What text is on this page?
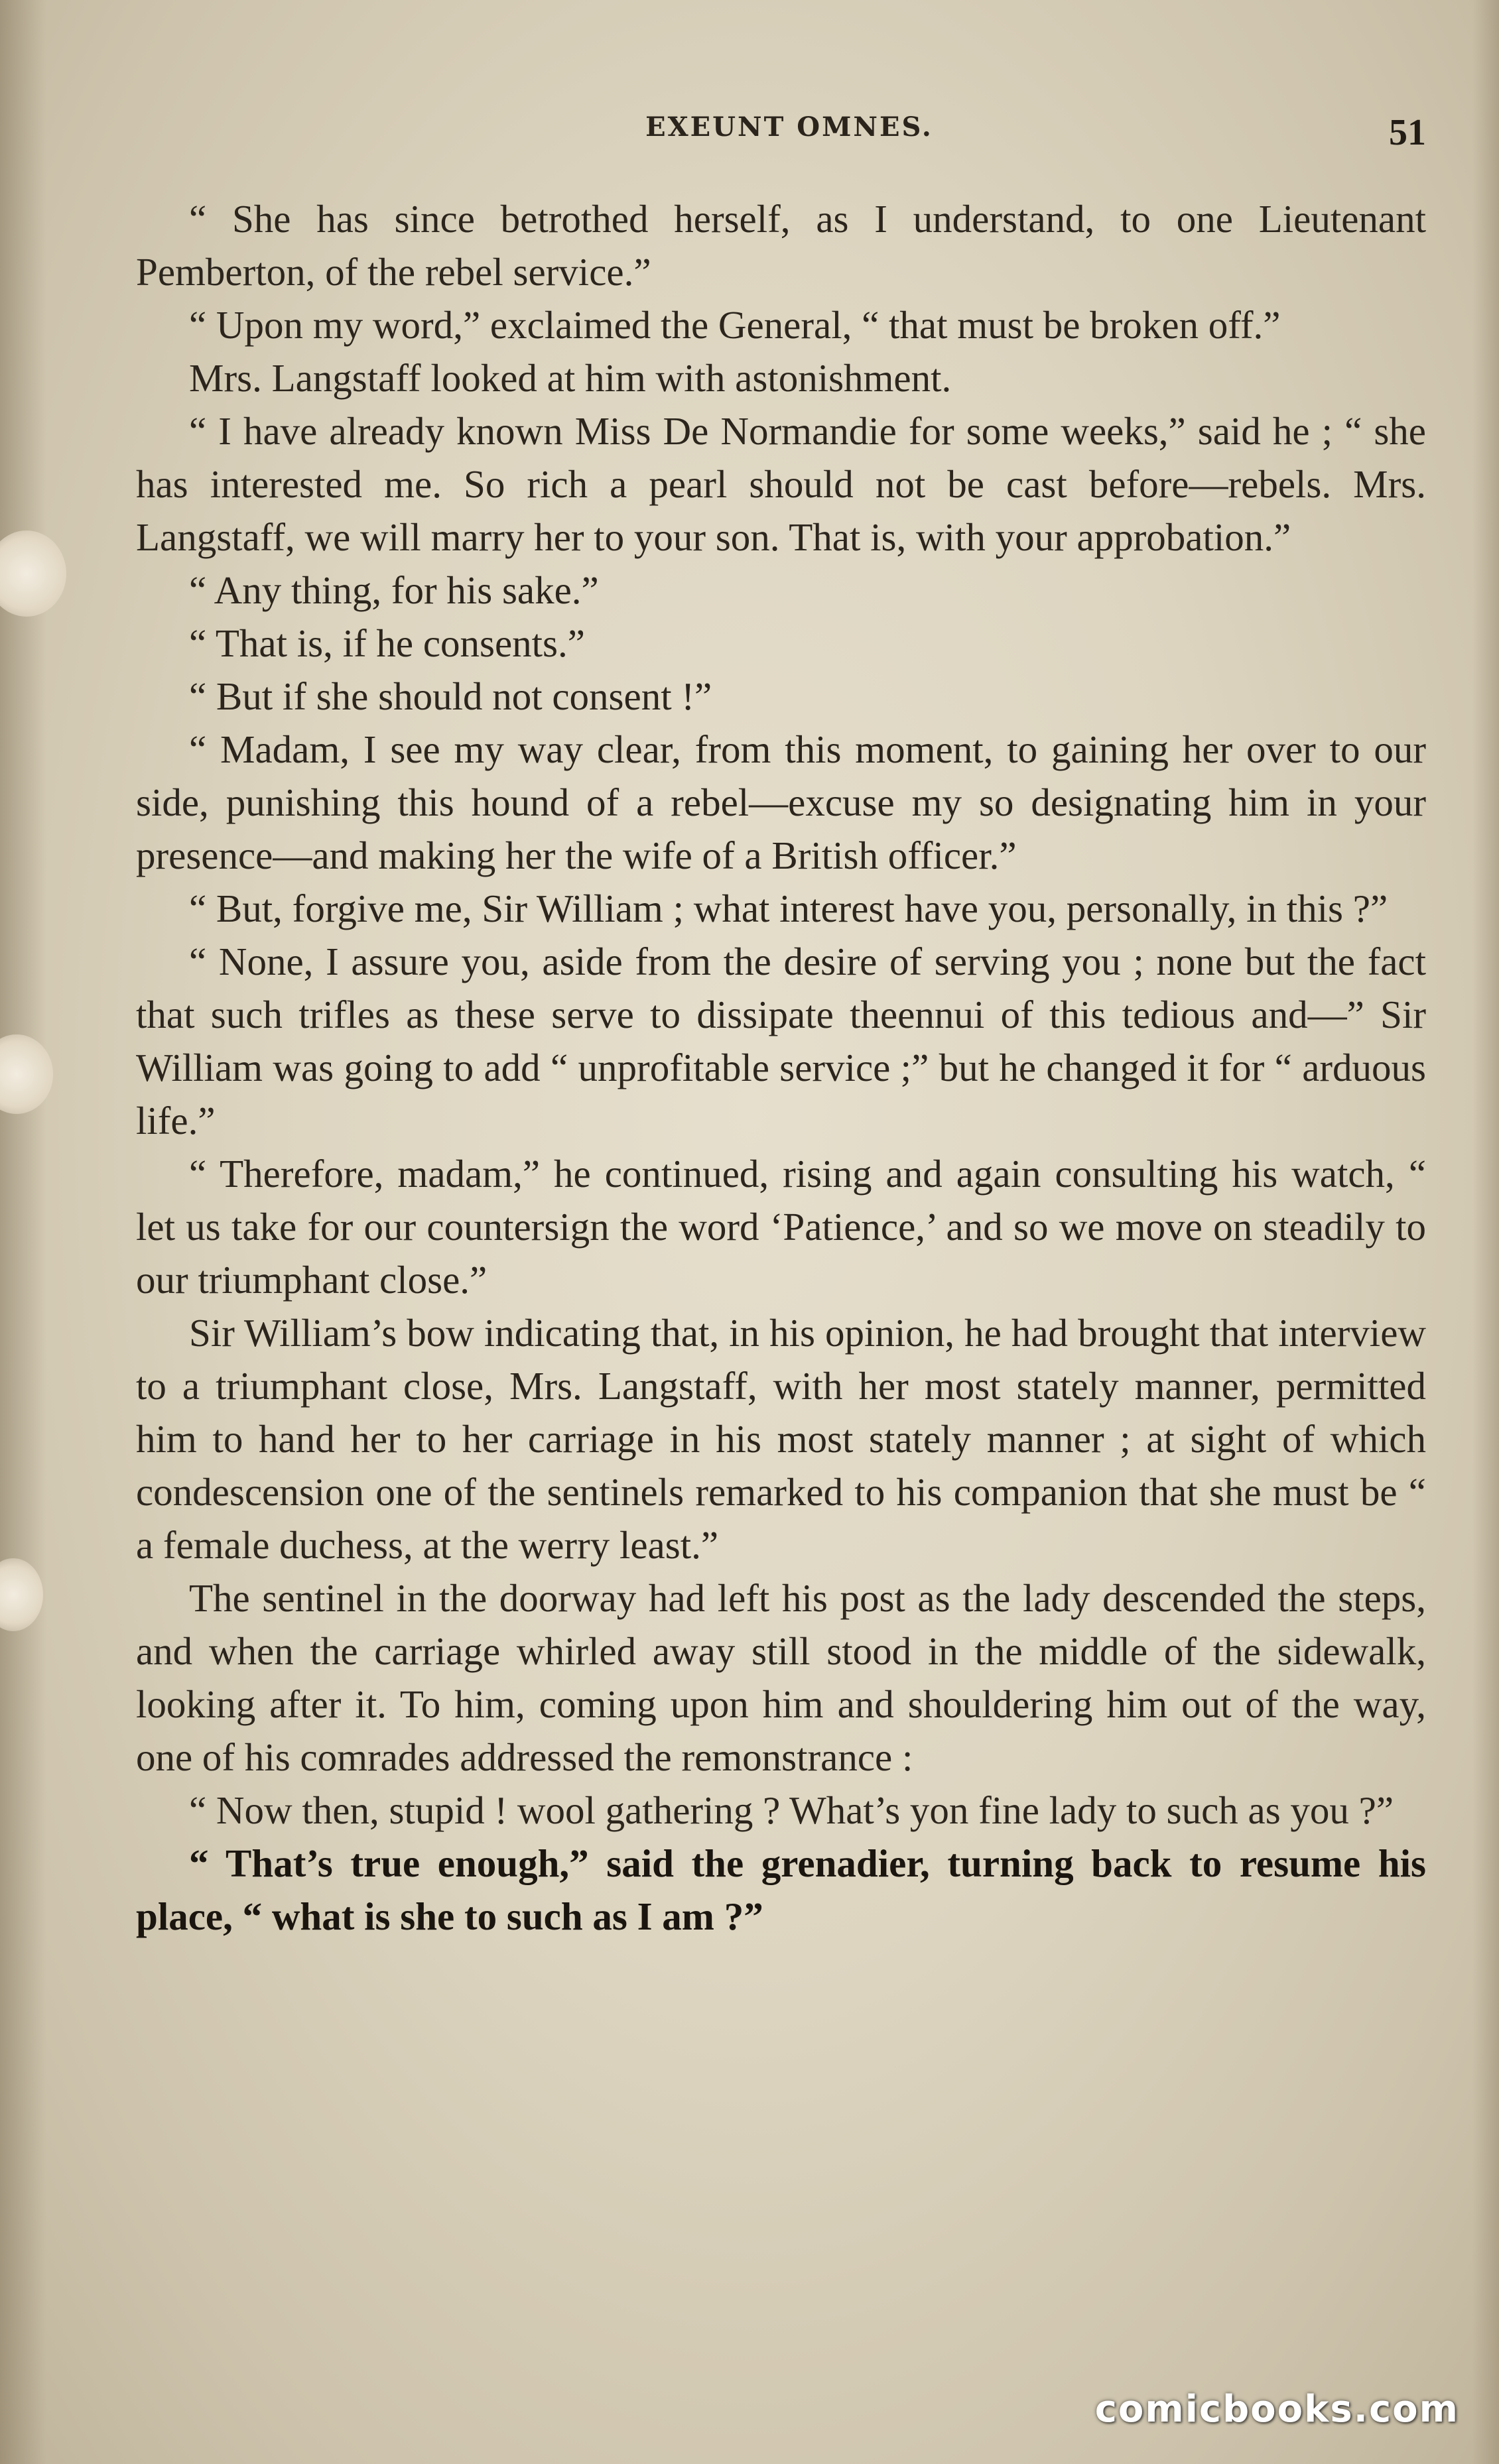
EXEUNT OMNES.	51

“ She has since betrothed herself, as I understand, to one Lieutenant Pemberton, of the rebel service.”

“ Upon my word,” exclaimed the General, “ that must be broken off.”

Mrs. Langstaff looked at him with astonishment.

“ I have already known Miss De Normandie for some weeks,” said he ; “ she has interested me. So rich a pearl should not be cast before—rebels. Mrs. Langstaff, we will marry her to your son. That is, with your approbation.”

“ Any thing, for his sake.”

“ That is, if he consents.”

“ But if she should not consent !”

“ Madam, I see my way clear, from this moment, to gaining her over to our side, punishing this hound of a rebel—excuse my so designating him in your presence—and making her the wife of a British officer.”

“ But, forgive me, Sir William ; what interest have you, personally, in this ?”

“ None, I assure you, aside from the desire of serving you ; none but the fact that such trifles as these serve to dissipate theennui of this tedious and—” Sir William was going to add “ unprofitable service ;” but he changed it for “ arduous life.”

“ Therefore, madam,” he continued, rising and again consulting his watch, “ let us take for our countersign the word ‘Patience,’ and so we move on steadily to our triumphant close.”

Sir William’s bow indicating that, in his opinion, he had brought that interview to a triumphant close, Mrs. Langstaff, with her most stately manner, permitted him to hand her to her carriage in his most stately manner ; at sight of which condescension one of the sentinels remarked to his companion that she must be “ a female duchess, at the werry least.”

The sentinel in the doorway had left his post as the lady descended the steps, and when the carriage whirled away still stood in the middle of the sidewalk, looking after it. To him, coming upon him and shouldering him out of the way, one of his comrades addressed the remonstrance :

“ Now then, stupid ! wool gathering ? What’s yon fine lady to such as you ?”

“ That’s true enough,” said the grenadier, turning back to resume his place, “ what is she to such as I am ?”

comicbooks.com
